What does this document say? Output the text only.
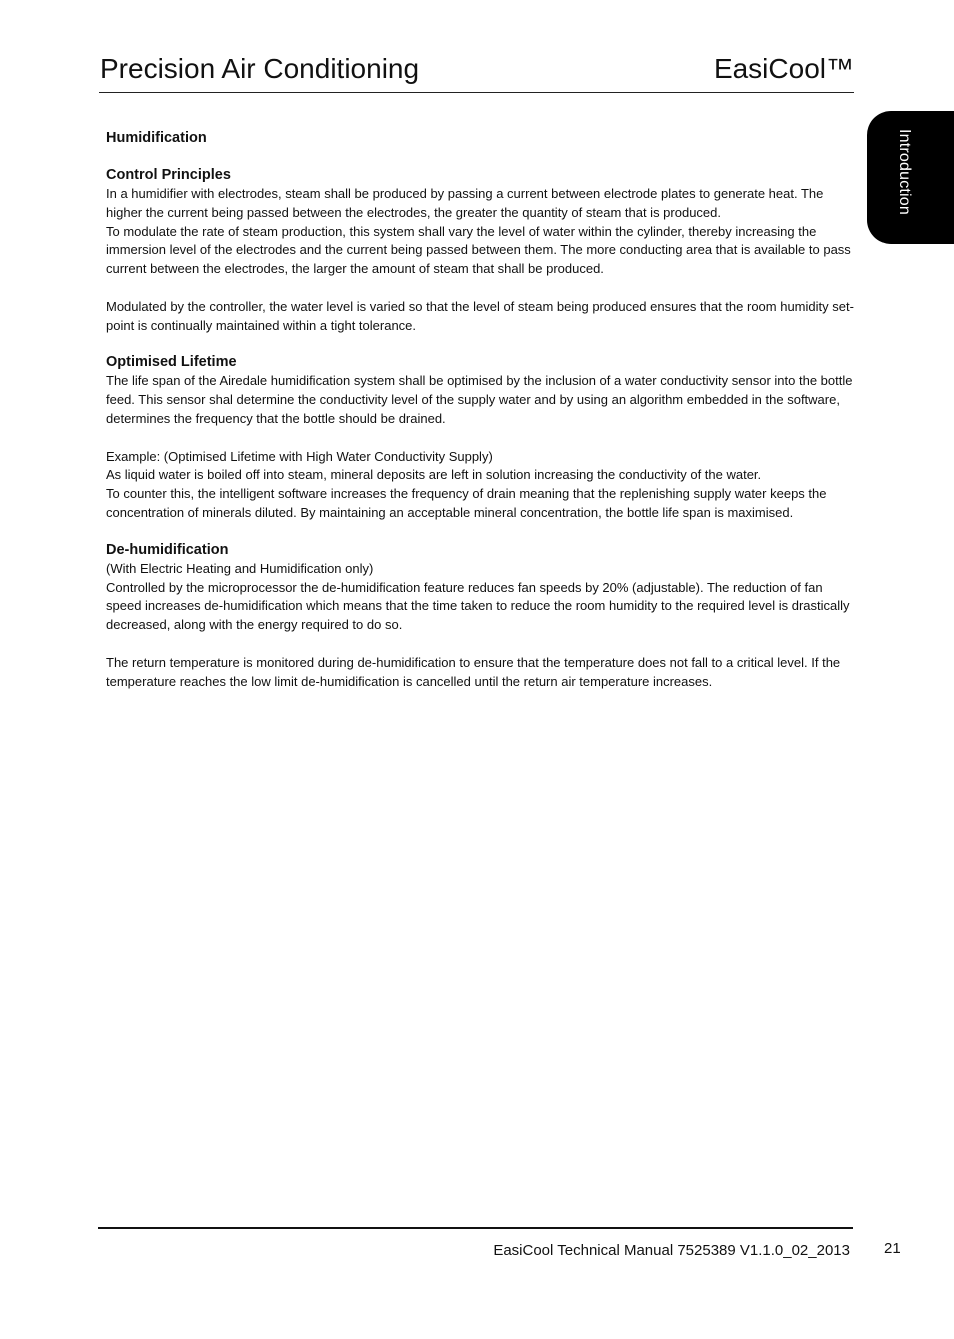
Precision Air Conditioning	EasiCool™
Introduction
Humidification
Control Principles

In a humidifier with electrodes, steam shall be produced by passing a current between electrode plates to generate heat. The higher the current being passed between the electrodes, the greater the quantity of steam that is produced.

To modulate the rate of steam production, this system shall vary the level of water within the cylinder, thereby increasing the immersion level of the electrodes and the current being passed between them. The more conducting area that is available to pass current between the electrodes, the larger the amount of steam that shall be produced.

Modulated by the controller, the water level is varied so that the level of steam being produced ensures that the room humidity set-point is continually maintained within a tight tolerance.

Optimised Lifetime

The life span of the Airedale humidification system shall be optimised by the inclusion of a water conductivity sensor into the bottle feed. This sensor shal determine the conductivity level of the supply water and by using an algorithm embedded in the software, determines the frequency that the bottle should be drained.

Example: (Optimised Lifetime with High Water Conductivity Supply)

As liquid water is boiled off into steam, mineral deposits are left in solution increasing the conductivity of the water.

To counter this, the intelligent software increases the frequency of drain meaning that the replenishing supply water keeps the concentration of minerals diluted. By maintaining an acceptable mineral concentration, the bottle life span is maximised.

De-humidification

(With Electric Heating and Humidification only)

Controlled by the microprocessor the de-humidification feature reduces fan speeds by 20% (adjustable). The reduction of fan speed increases de-humidification which means that the time taken to reduce the room humidity to the required level is drastically decreased, along with the energy required to do so.

The return temperature is monitored during de-humidification to ensure that the temperature does not fall to a critical level. If the temperature reaches the low limit de-humidification is cancelled until the return air temperature increases.

EasiCool Technical Manual 7525389 V1.1.0_02_2013 21
